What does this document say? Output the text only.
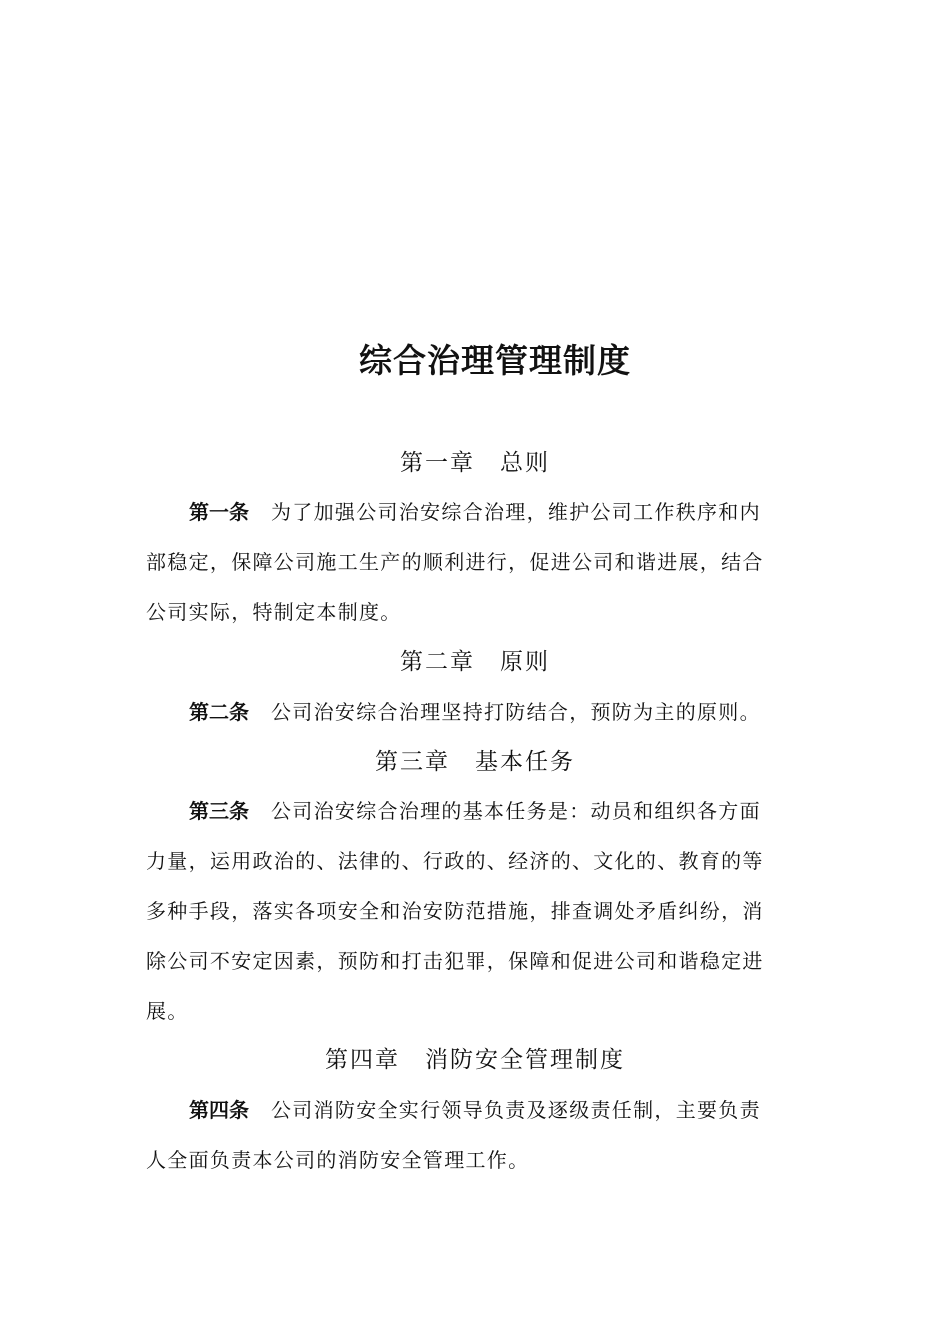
综合治理管理制度
第一章　总则
第一条 为了加强公司治安综合治理，维护公司工作秩序和内
部稳定，保障公司施工生产的顺利进行，促进公司和谐进展，结合
公司实际，特制定本制度。
第二章　原则
第二条 公司治安综合治理坚持打防结合，预防为主的原则。
第三章　基本任务
第三条 公司治安综合治理的基本任务是：动员和组织各方面
力量，运用政治的、法律的、行政的、经济的、文化的、教育的等
多种手段，落实各项安全和治安防范措施，排查调处矛盾纠纷，消
除公司不安定因素，预防和打击犯罪，保障和促进公司和谐稳定进
展。
第四章　消防安全管理制度
第四条 公司消防安全实行领导负责及逐级责任制，主要负责
人全面负责本公司的消防安全管理工作。
